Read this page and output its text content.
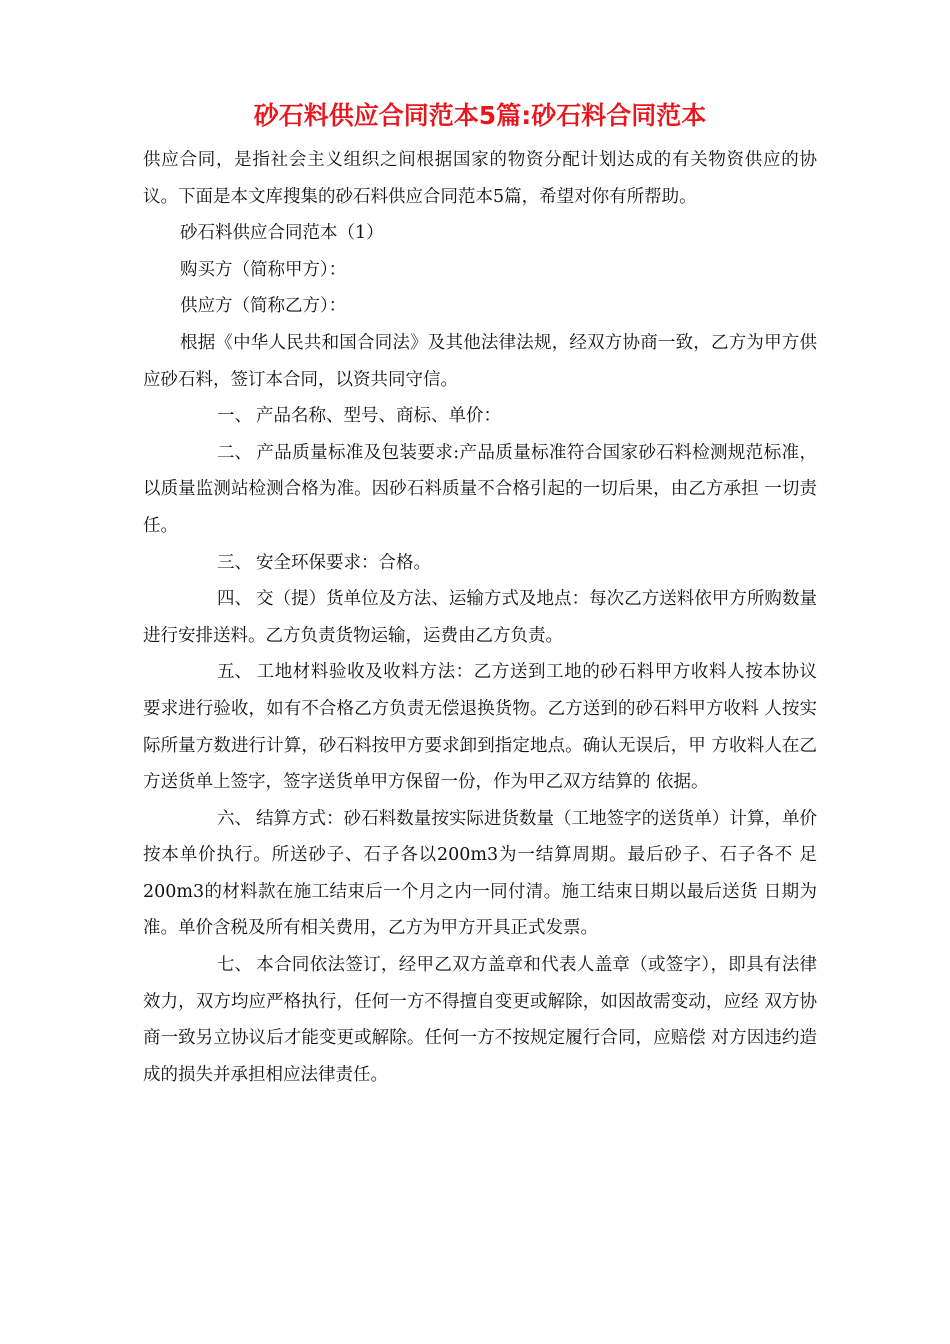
砂石料供应合同范本5篇:砂石料合同范本

供应合同，是指社会主义组织之间根据国家的物资分配计划达成的有关物资供应的协议。下面是本文库搜集的砂石料供应合同范本5篇，希望对你有所帮助。

砂石料供应合同范本（1）

购买方（简称甲方）：

供应方（简称乙方）：

根据《中华人民共和国合同法》及其他法律法规，经双方协商一致，乙方为甲方供应砂石料，签订本合同，以资共同守信。

一、 产品名称、型号、商标、单价：

二、 产品质量标准及包装要求:产品质量标准符合国家砂石料检测规范标准， 以质量监测站检测合格为准。因砂石料质量不合格引起的一切后果，由乙方承担 一切责任。

三、 安全环保要求：合格。

四、 交（提）货单位及方法、运输方式及地点：每次乙方送料依甲方所购数量 进行安排送料。乙方负责货物运输，运费由乙方负责。

五、 工地材料验收及收料方法：乙方送到工地的砂石料甲方收料人按本协议 要求进行验收，如有不合格乙方负责无偿退换货物。乙方送到的砂石料甲方收料 人按实际所量方数进行计算，砂石料按甲方要求卸到指定地点。确认无误后，甲 方收料人在乙方送货单上签字，签字送货单甲方保留一份，作为甲乙双方结算的 依据。

六、 结算方式：砂石料数量按实际进货数量（工地签字的送货单）计算，单价 按本单价执行。所送砂子、石子各以200m3为一结算周期。最后砂子、石子各不 足200m3的材料款在施工结束后一个月之内一同付清。施工结束日期以最后送货 日期为准。单价含税及所有相关费用，乙方为甲方开具正式发票。

七、 本合同依法签订，经甲乙双方盖章和代表人盖章（或签字），即具有法律 效力，双方均应严格执行，任何一方不得擅自变更或解除，如因故需变动，应经 双方协商一致另立协议后才能变更或解除。任何一方不按规定履行合同，应赔偿 对方因违约造成的损失并承担相应法律责任。
